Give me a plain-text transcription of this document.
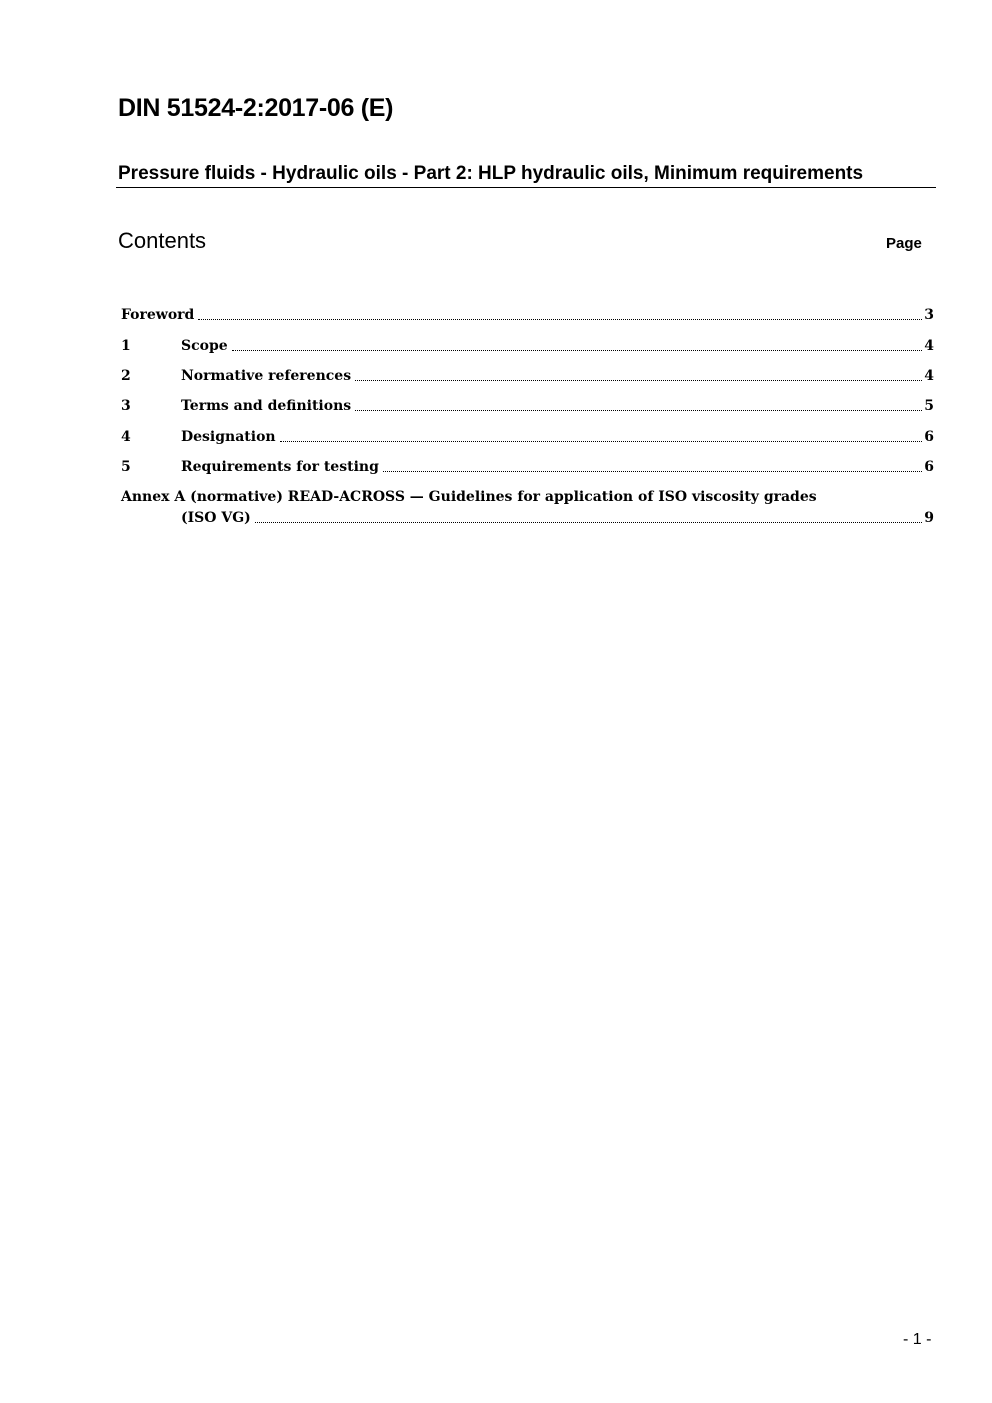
DIN 51524-2:2017-06 (E)
Pressure fluids - Hydraulic oils - Part 2: HLP hydraulic oils, Minimum requirements
Contents	Page
Foreword	3
1	Scope	4
2	Normative references	4
3	Terms and definitions	5
4	Designation	6
5	Requirements for testing	6
Annex A (normative) READ-ACROSS — Guidelines for application of ISO viscosity grades
(ISO VG)	9
- 1 -
